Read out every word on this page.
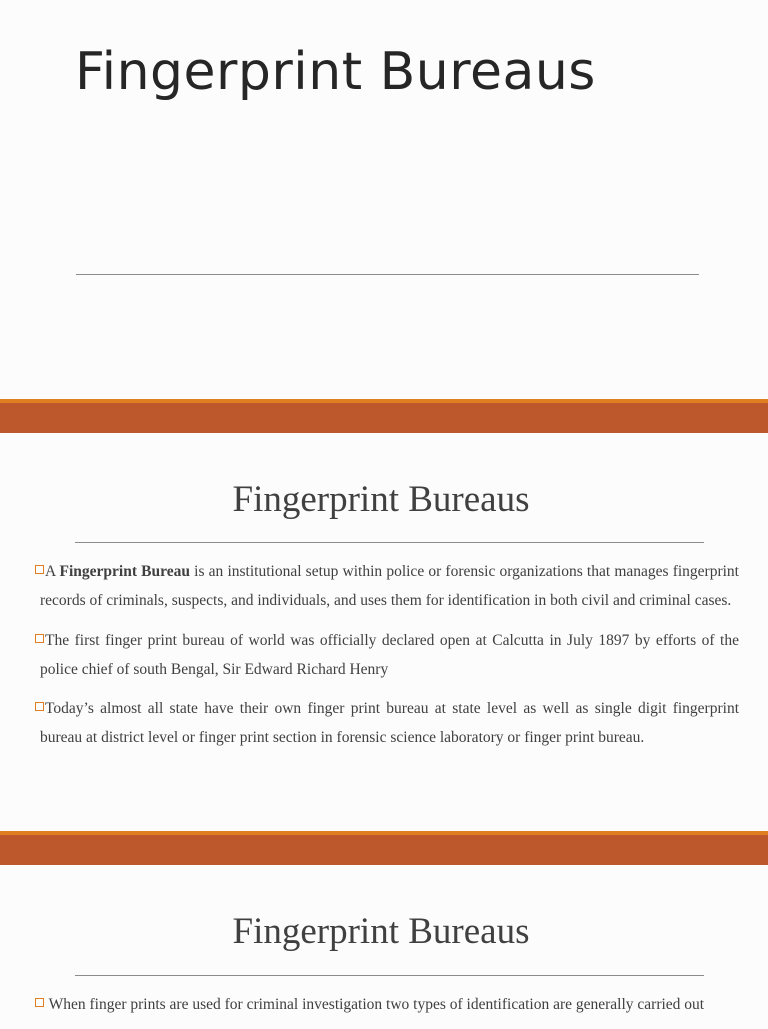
Fingerprint Bureaus
Fingerprint Bureaus
A Fingerprint Bureau is an institutional setup within police or forensic organizations that manages fingerprint records of criminals, suspects, and individuals, and uses them for identification in both civil and criminal cases.
The first finger print bureau of world was officially declared open at Calcutta in July 1897 by efforts of the police chief of south Bengal, Sir Edward Richard Henry
Today’s almost all state have their own finger print bureau at state level as well as single digit fingerprint bureau at district level or finger print section in forensic science laboratory or finger print bureau.
Fingerprint Bureaus
When finger prints are used for criminal investigation two types of identification are generally carried out
